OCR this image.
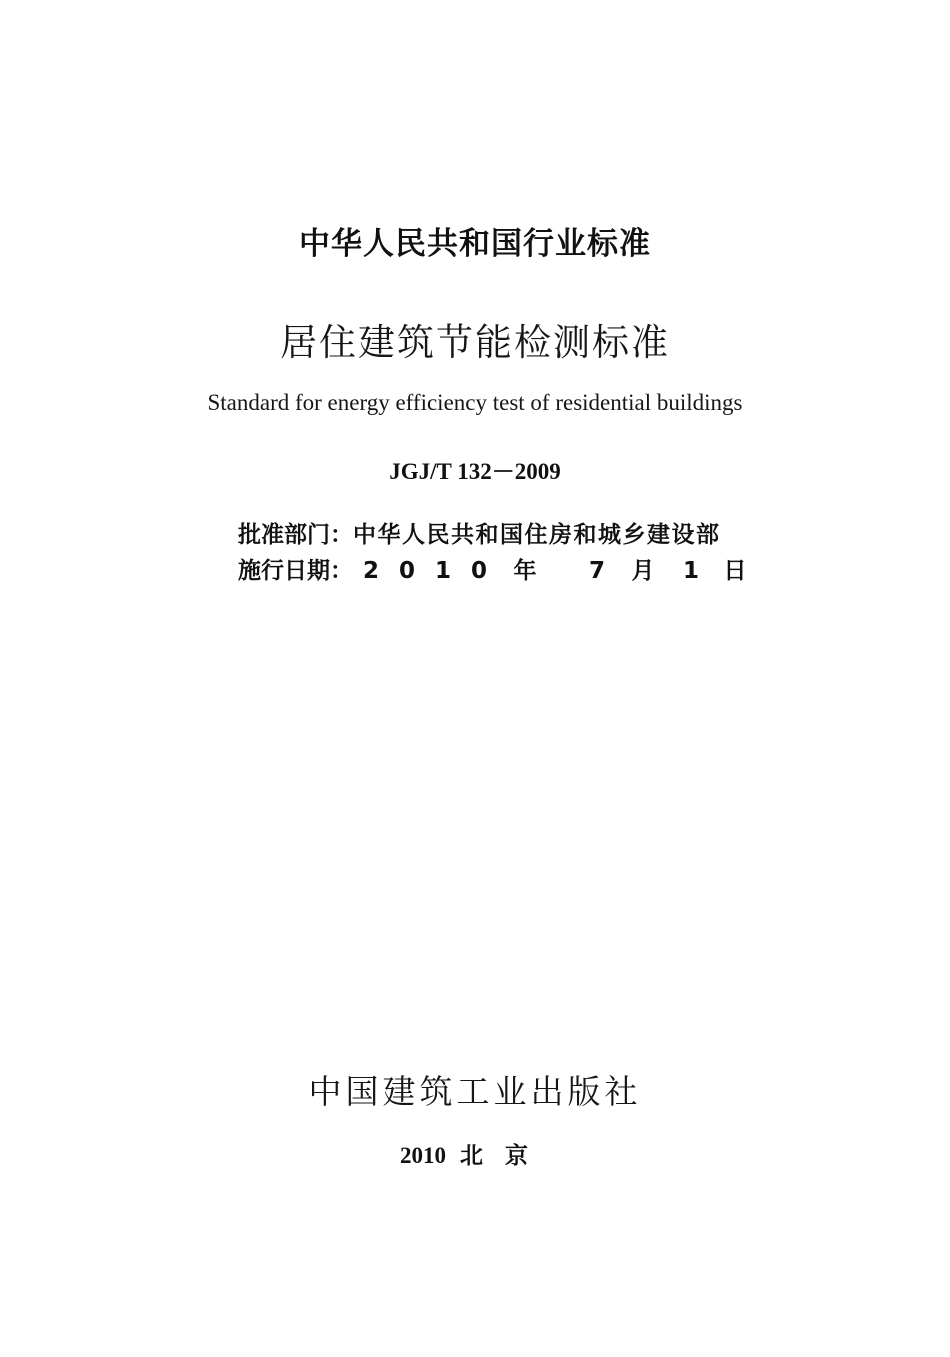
中华人民共和国行业标准
居住建筑节能检测标准
Standard for energy efficiency test of residential buildings
JGJ/T 132－2009
批准部门： 中华人民共和国住房和城乡建设部
施行日期： 2 0 1 0	年	7	月	1	日
中国建筑工业出版社
2010 北京
